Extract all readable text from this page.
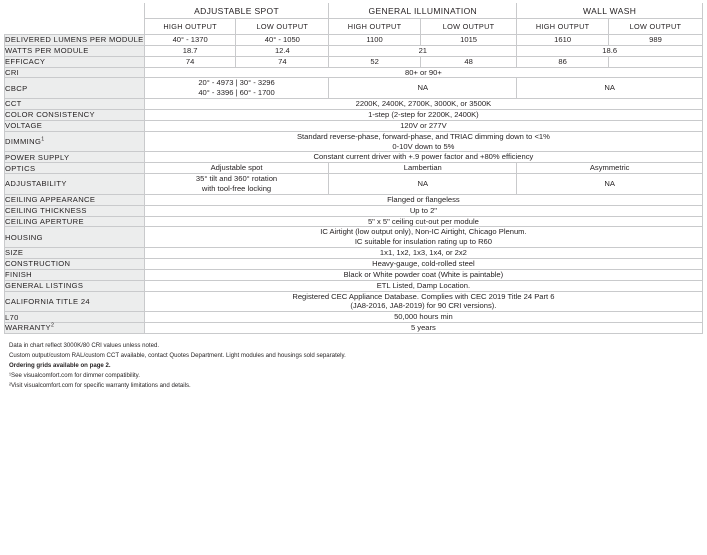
	ADJUSTABLE SPOT		GENERAL ILLUMINATION		WALL WASH	
	HIGH OUTPUT	LOW OUTPUT	HIGH OUTPUT	LOW OUTPUT	HIGH OUTPUT	LOW OUTPUT
DELIVERED LUMENS PER MODULE	40° - 1370	40° - 1050	1100	1015	1610	989
WATTS PER MODULE	18.7	12.4	21		18.6	
EFFICACY	74	74	52	48	86	
CRI	80+ or 90+					
CBCP	20° - 4973 | 30° - 3296
40° - 3396 | 60° - 1700		NA		NA	
CCT	2200K, 2400K, 2700K, 3000K, or 3500K					
COLOR CONSISTENCY	1-step (2-step for 2200K, 2400K)					
VOLTAGE	120V or 277V					
DIMMING$^1$	Standard reverse-phase, forward-phase, and TRIAC dimming down to <1%
0-10V down to 5%					
POWER SUPPLY	Constant current driver with +.9 power factor and +80% efficiency					
OPTICS	Adjustable spot		Lambertian		Asymmetric	
ADJUSTABILITY	35° tilt and 360° rotation
with tool-free locking		NA		NA	
CEILING APPEARANCE	Flanged or flangeless					
CEILING THICKNESS	Up to 2"					
CEILING APERTURE	5" x 5" ceiling cut-out per module					
HOUSING	IC Airtight (low output only), Non-IC Airtight, Chicago Plenum.
IC suitable for insulation rating up to R60					
SIZE	1x1, 1x2, 1x3, 1x4, or 2x2					
CONSTRUCTION	Heavy-gauge, cold-rolled steel					
FINISH	Black or White powder coat (White is paintable)					
GENERAL LISTINGS	ETL Listed, Damp Location.					
CALIFORNIA TITLE 24	Registered CEC Appliance Database. Complies with CEC 2019 Title 24 Part 6
(JA8-2016, JA8-2019) for 90 CRI versions).					
L70	50,000 hours min					
WARRANTY$^2$	5 years					
Data in chart reflect 3000K/80 CRI values unless noted.
Custom output/custom RAL/custom CCT available, contact Quotes Department. Light modules and housings sold separately.
Ordering grids available on page 2.
¹See visualcomfort.com for dimmer compatibility.
²Visit visualcomfort.com for specific warranty limitations and details.
